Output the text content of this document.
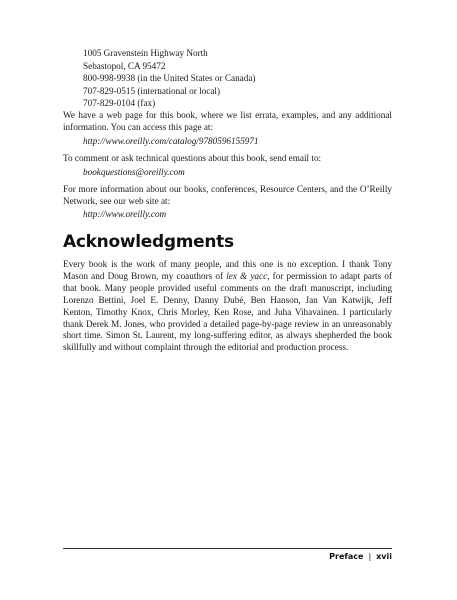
1005 Gravenstein Highway North
Sebastopol, CA 95472
800-998-9938 (in the United States or Canada)
707-829-0515 (international or local)
707-829-0104 (fax)

We have a web page for this book, where we list errata, examples, and any additional information. You can access this page at:

http://www.oreilly.com/catalog/9780596155971

To comment or ask technical questions about this book, send email to:

bookquestions@oreilly.com

For more information about our books, conferences, Resource Centers, and the O’Reilly Network, see our web site at:

http://www.oreilly.com
Acknowledgments

Every book is the work of many people, and this one is no exception. I thank Tony Mason and Doug Brown, my coauthors of lex & yacc, for permission to adapt parts of that book. Many people provided useful comments on the draft manuscript, including Lorenzo Bettini, Joel E. Denny, Danny Dubé, Ben Hanson, Jan Van Katwijk, Jeff Kenton, Timothy Knox, Chris Morley, Ken Rose, and Juha Vihavainen. I particularly thank Derek M. Jones, who provided a detailed page-by-page review in an unreasonably short time. Simon St. Laurent, my long-suffering editor, as always shepherded the book skillfully and without complaint through the editorial and production process.

Preface | xvii
